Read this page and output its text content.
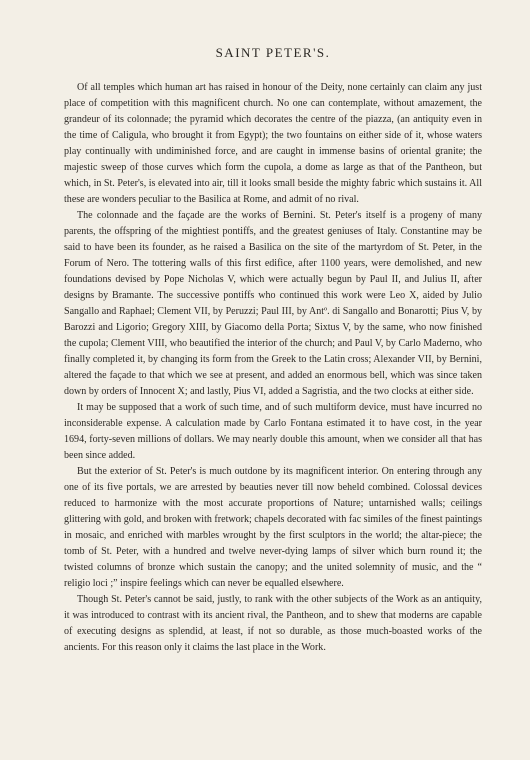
SAINT PETER'S.

Of all temples which human art has raised in honour of the Deity, none certainly can claim any just place of competition with this magnificent church. No one can contemplate, without amazement, the grandeur of its colonnade; the pyramid which decorates the centre of the piazza, (an antiquity even in the time of Caligula, who brought it from Egypt); the two fountains on either side of it, whose waters play continually with undiminished force, and are caught in immense basins of oriental granite; the majestic sweep of those curves which form the cupola, a dome as large as that of the Pantheon, but which, in St. Peter's, is elevated into air, till it looks small beside the mighty fabric which sustains it. All these are wonders peculiar to the Basilica at Rome, and admit of no rival.

The colonnade and the façade are the works of Bernini. St. Peter's itself is a progeny of many parents, the offspring of the mightiest pontiffs, and the greatest geniuses of Italy. Constantine may be said to have been its founder, as he raised a Basilica on the site of the martyrdom of St. Peter, in the Forum of Nero. The tottering walls of this first edifice, after 1100 years, were demolished, and new foundations devised by Pope Nicholas V, which were actually begun by Paul II, and Julius II, after designs by Bramante. The successive pontiffs who continued this work were Leo X, aided by Julio Sangallo and Raphael; Clement VII, by Peruzzi; Paul III, by Antº. di Sangallo and Bonarotti; Pius V, by Barozzi and Ligorio; Gregory XIII, by Giacomo della Porta; Sixtus V, by the same, who now finished the cupola; Clement VIII, who beautified the interior of the church; and Paul V, by Carlo Maderno, who finally completed it, by changing its form from the Greek to the Latin cross; Alexander VII, by Bernini, altered the façade to that which we see at present, and added an enormous bell, which was since taken down by orders of Innocent X; and lastly, Pius VI, added a Sagristia, and the two clocks at either side.

It may be supposed that a work of such time, and of such multiform device, must have incurred no inconsiderable expense. A calculation made by Carlo Fontana estimated it to have cost, in the year 1694, forty-seven millions of dollars. We may nearly double this amount, when we consider all that has been since added.

But the exterior of St. Peter's is much outdone by its magnificent interior. On entering through any one of its five portals, we are arrested by beauties never till now beheld combined. Colossal devices reduced to harmonize with the most accurate proportions of Nature; untarnished walls; ceilings glittering with gold, and broken with fretwork; chapels decorated with fac similes of the finest paintings in mosaic, and enriched with marbles wrought by the first sculptors in the world; the altar-piece; the tomb of St. Peter, with a hundred and twelve never-dying lamps of silver which burn round it; the twisted columns of bronze which sustain the canopy; and the united solemnity of music, and the “ religio loci ;” inspire feelings which can never be equalled elsewhere.

Though St. Peter's cannot be said, justly, to rank with the other subjects of the Work as an antiquity, it was introduced to contrast with its ancient rival, the Pantheon, and to shew that moderns are capable of executing designs as splendid, at least, if not so durable, as those much-boasted works of the ancients. For this reason only it claims the last place in the Work.
